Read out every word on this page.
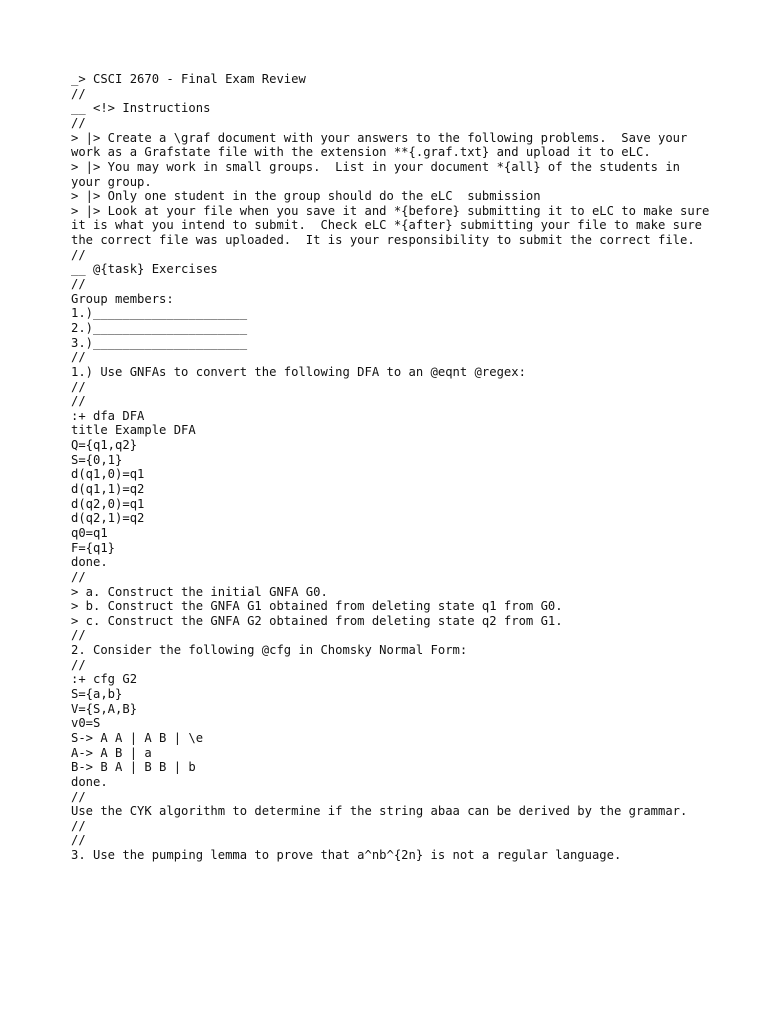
_> CSCI 2670 - Final Exam Review
//
__ <!> Instructions
//
> |> Create a \graf document with your answers to the following problems.  Save your work as a Grafstate file with the extension **{.graf.txt} and upload it to eLC.
> |> You may work in small groups.  List in your document *{all} of the students in your group.
> |> Only one student in the group should do the eLC  submission
> |> Look at your file when you save it and *{before} submitting it to eLC to make sure it is what you intend to submit.  Check eLC *{after} submitting your file to make sure the correct file was uploaded.  It is your responsibility to submit the correct file.
//
__ @{task} Exercises
//
Group members:
1.)_____________________
2.)_____________________
3.)_____________________
//
1.) Use GNFAs to convert the following DFA to an @eqnt @regex:
//
//
:+ dfa DFA
title Example DFA
Q={q1,q2}
S={0,1}
d(q1,0)=q1
d(q1,1)=q2
d(q2,0)=q1
d(q2,1)=q2
q0=q1
F={q1}
done.
//
> a. Construct the initial GNFA G0.
> b. Construct the GNFA G1 obtained from deleting state q1 from G0.
> c. Construct the GNFA G2 obtained from deleting state q2 from G1.
//
2. Consider the following @cfg in Chomsky Normal Form:
//
:+ cfg G2
S={a,b}
V={S,A,B}
v0=S
S-> A A | A B | \e
A-> A B | a
B-> B A | B B | b
done.
//
Use the CYK algorithm to determine if the string abaa can be derived by the grammar.
//
//
3. Use the pumping lemma to prove that a^nb^{2n} is not a regular language.
